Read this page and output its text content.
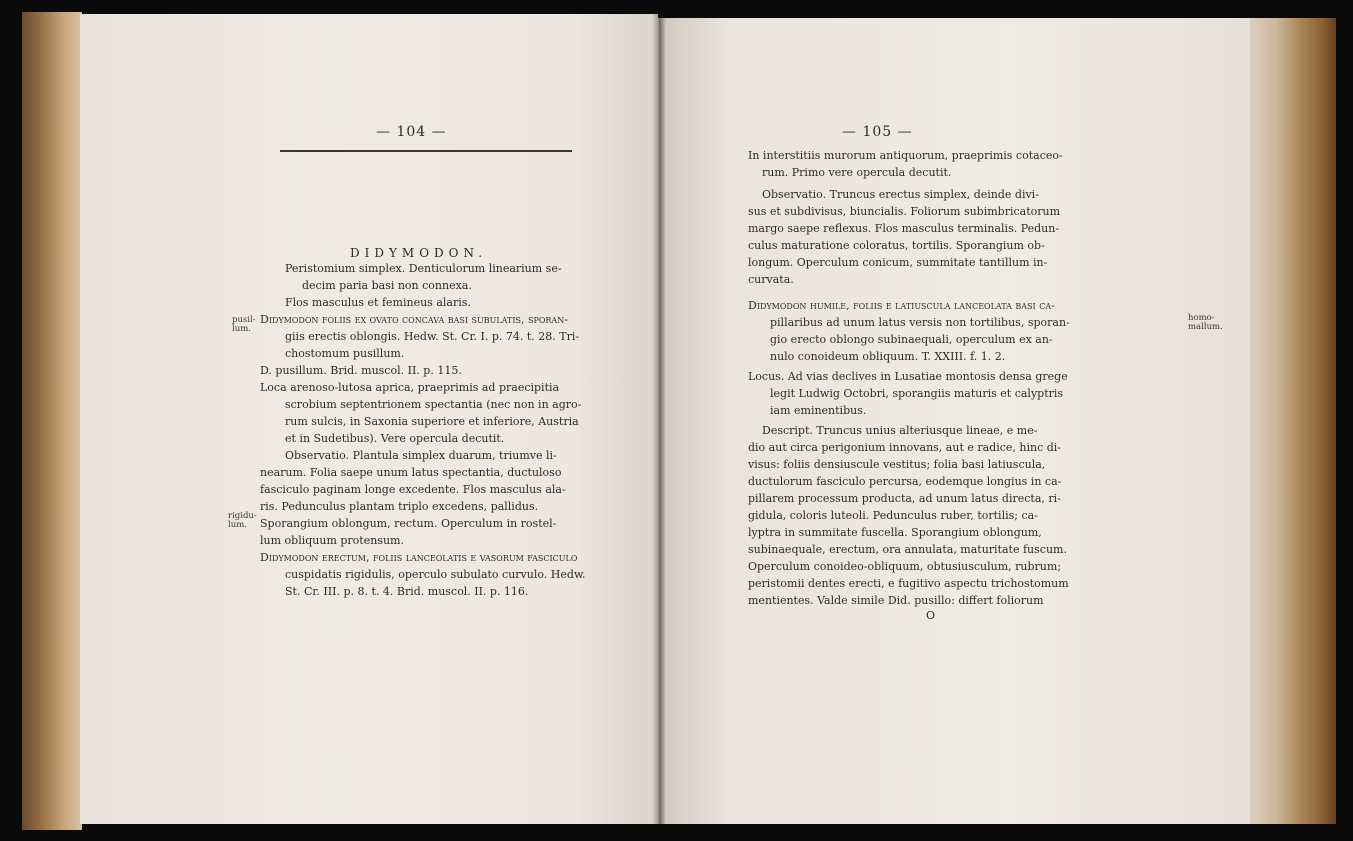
— 104 —
DIDYMODON.
pusil-
lum.
rigidu-
lum.
Peristomium simplex. Denticulorum linearium se-
decim paria basi non connexa.
Flos masculus et femineus alaris.
Didymodon foliis ex ovato concava basi subulatis, sporan-
giis erectis oblongis. Hedw. St. Cr. I. p. 74. t. 28. Tri-
chostomum pusillum.
D. pusillum. Brid. muscol. II. p. 115.
Loca arenoso-lutosa aprica, praeprimis ad praecipitia
scrobium septentrionem spectantia (nec non in agro-
rum sulcis, in Saxonia superiore et inferiore, Austria
et in Sudetibus). Vere opercula decutit.
Observatio. Plantula simplex duarum, triumve li-
nearum. Folia saepe unum latus spectantia, ductuloso
fasciculo paginam longe excedente. Flos masculus ala-
ris. Pedunculus plantam triplo excedens, pallidus.
Sporangium oblongum, rectum. Operculum in rostel-
lum obliquum protensum.
Didymodon erectum, foliis lanceolatis e vasorum fasciculo
cuspidatis rigidulis, operculo subulato curvulo. Hedw.
St. Cr. III. p. 8. t. 4. Brid. muscol. II. p. 116.
— 105 —
homo-
mallum.
In interstitiis murorum antiquorum, praeprimis cotaceo-
rum. Primo vere opercula decutit.
Observatio. Truncus erectus simplex, deinde divi-
sus et subdivisus, biuncialis. Foliorum subimbricatorum
margo saepe reflexus. Flos masculus terminalis. Pedun-
culus maturatione coloratus, tortilis. Sporangium ob-
longum. Operculum conicum, summitate tantillum in-
curvata.
Didymodon humile, foliis e latiuscula lanceolata basi ca-
pillaribus ad unum latus versis non tortilibus, sporan-
gio erecto oblongo subinaequali, operculum ex an-
nulo conoideum obliquum. T. XXIII. f. 1. 2.
Locus. Ad vias declives in Lusatiae montosis densa grege
legit Ludwig Octobri, sporangiis maturis et calyptris
iam eminentibus.
Descript. Truncus unius alteriusque lineae, e me-
dio aut circa perigonium innovans, aut e radice, hinc di-
visus: foliis densiuscule vestitus; folia basi latiuscula,
ductulorum fasciculo percursa, eodemque longius in ca-
pillarem processum producta, ad unum latus directa, ri-
gidula, coloris luteoli. Pedunculus ruber, tortilis; ca-
lyptra in summitate fuscella. Sporangium oblongum,
subinaequale, erectum, ora annulata, maturitate fuscum.
Operculum conoideo-obliquum, obtusiusculum, rubrum;
peristomii dentes erecti, e fugitivo aspectu trichostomum
mentientes. Valde simile Did. pusillo: differt foliorum
O
